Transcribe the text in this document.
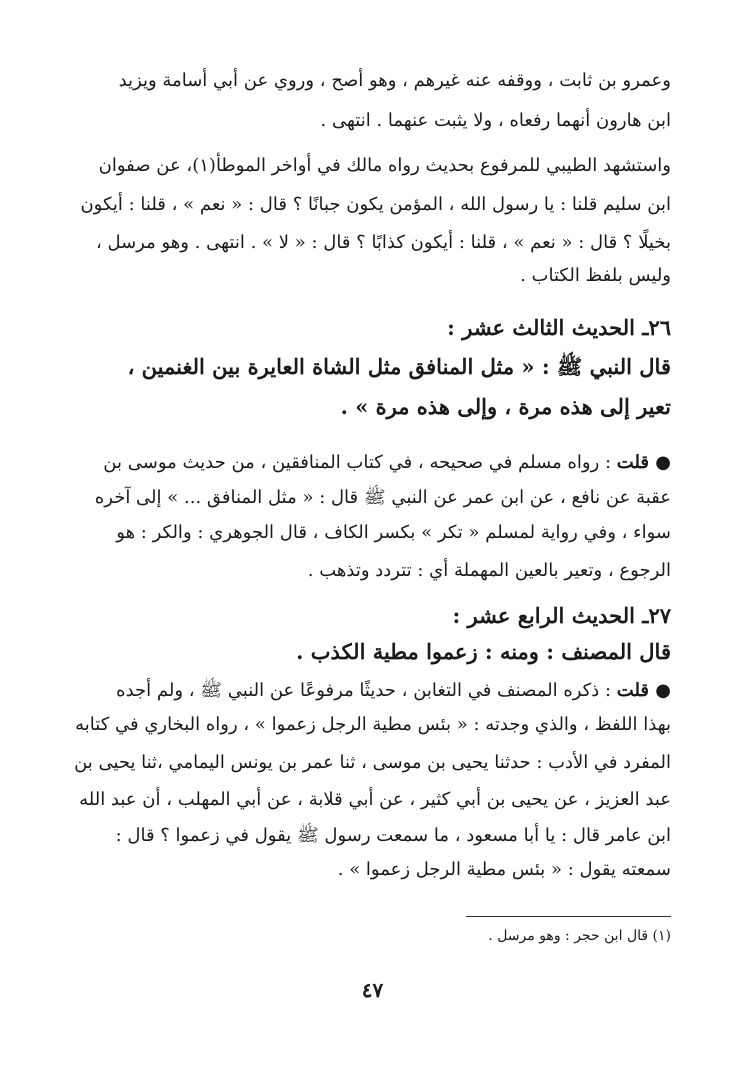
وعمرو بن ثابت ، ووقفه عنه غيرهم ، وهو أصح ، وروي عن أبي أسامة ويزيد
ابن هارون أنهما رفعاه ، ولا يثبت عنهما . انتهى .
واستشهد الطيبي للمرفوع بحديث رواه مالك في أواخر الموطأ(١)، عن صفوان
ابن سليم قلنا : يا رسول الله ، المؤمن يكون جبانًا ؟ قال : « نعم » ، قلنا : أيكون
بخيلًا ؟ قال : « نعم » ، قلنا : أيكون كذابًا ؟ قال : « لا » . انتهى . وهو مرسل ،
وليس بلفظ الكتاب .
٢٦ـ الحديث الثالث عشر :
قال النبي ﷺ : « مثل المنافق مثل الشاة العايرة بين الغنمين ،
تعير إلى هذه مرة ، وإلى هذه مرة » .
● قلت : رواه مسلم في صحيحه ، في كتاب المنافقين ، من حديث موسى بن
عقبة عن نافع ، عن ابن عمر عن النبي ﷺ قال : « مثل المنافق ... » إلى آخره
سواء ، وفي رواية لمسلم « تكر » بكسر الكاف ، قال الجوهري : والكر : هو
الرجوع ، وتعير بالعين المهملة أي : تتردد وتذهب .
٢٧ـ الحديث الرابع عشر :
قال المصنف : ومنه : زعموا مطية الكذب .
● قلت : ذكره المصنف في التغابن ، حديثًا مرفوعًا عن النبي ﷺ ، ولم أجده
بهذا اللفظ ، والذي وجدته : « بئس مطية الرجل زعموا » ، رواه البخاري في كتابه
المفرد في الأدب : حدثنا يحيى بن موسى ، ثنا عمر بن يونس اليمامي ،ثنا يحيى بن
عبد العزيز ، عن يحيى بن أبي كثير ، عن أبي قلابة ، عن أبي المهلب ، أن عبد الله
ابن عامر قال : يا أبا مسعود ، ما سمعت رسول ﷺ يقول في زعموا ؟ قال :
سمعته يقول : « بئس مطية الرجل زعموا » .
(١) قال ابن حجر : وهو مرسل .
٤٧
